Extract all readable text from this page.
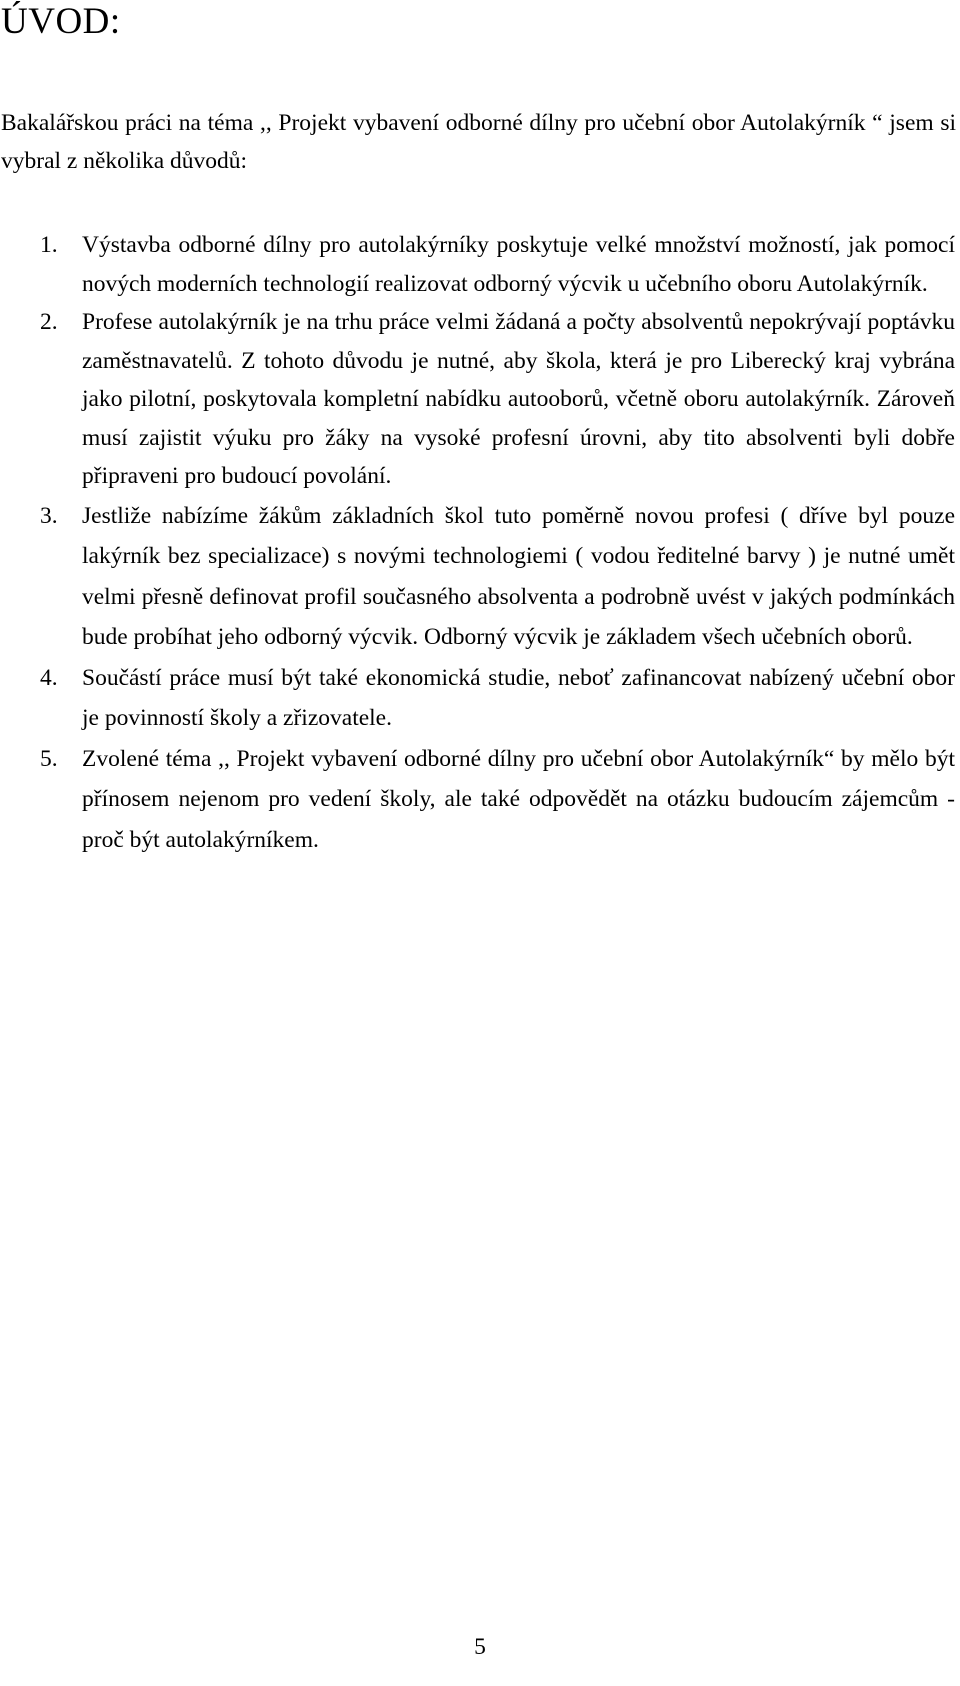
ÚVOD:

Bakalářskou práci na téma ,, Projekt vybavení odborné dílny pro učební obor Autolakýrník “ jsem si vybral z několika důvodů:

1. Výstavba odborné dílny pro autolakýrníky poskytuje velké množství možností, jak pomocí nových moderních technologií realizovat odborný výcvik u učebního oboru Autolakýrník.
2. Profese autolakýrník je na trhu práce velmi žádaná a počty absolventů nepokrývají poptávku zaměstnavatelů. Z tohoto důvodu je nutné, aby škola, která je pro Liberecký kraj vybrána jako pilotní, poskytovala kompletní nabídku autooborů, včetně oboru autolakýrník. Zároveň musí zajistit výuku pro žáky na vysoké profesní úrovni, aby tito absolventi byli dobře připraveni pro budoucí povolání.
3. Jestliže nabízíme žákům základních škol tuto poměrně novou profesi ( dříve byl pouze lakýrník bez specializace) s novými technologiemi ( vodou ředitelné barvy ) je nutné umět velmi přesně definovat profil současného absolventa a podrobně uvést v jakých podmínkách bude probíhat jeho odborný výcvik. Odborný výcvik je základem všech učebních oborů.
4. Součástí práce musí být také ekonomická studie, neboť zafinancovat nabízený učební obor je povinností školy a zřizovatele.
5. Zvolené téma ,, Projekt vybavení odborné dílny pro učební obor Autolakýrník“ by mělo být přínosem nejenom pro vedení školy, ale také odpovědět na otázku budoucím zájemcům - proč být autolakýrníkem.
5
